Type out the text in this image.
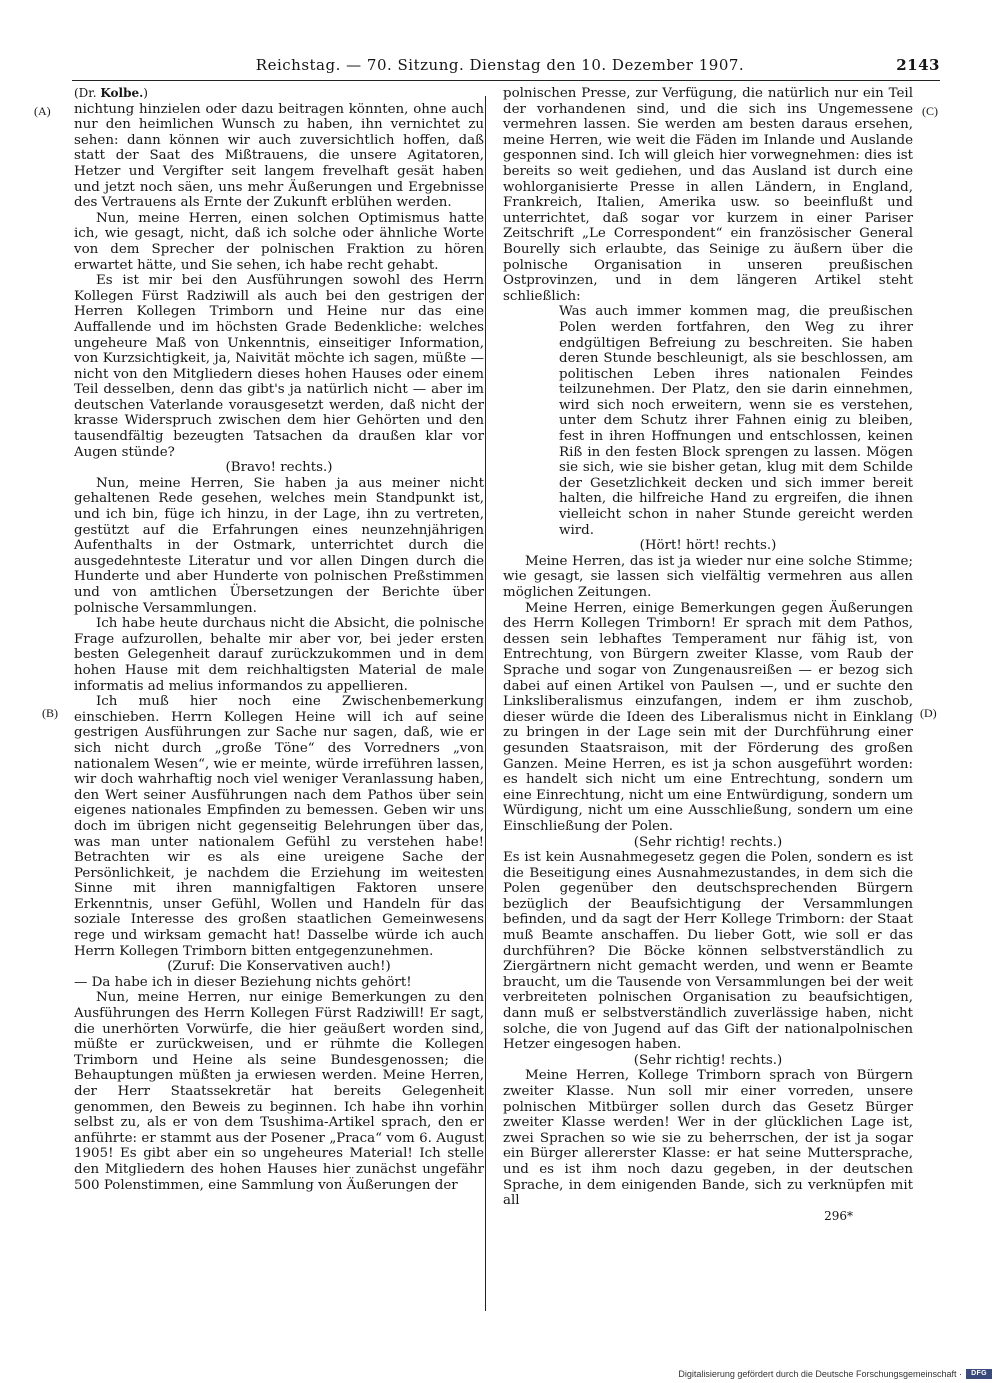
Reichstag. — 70. Sitzung. Dienstag den 10. Dezember 1907.	2143
(A)
(B)
(C)
(D)

(Dr. Kolbe.)

nichtung hinzielen oder dazu beitragen könnten, ohne auch nur den heimlichen Wunsch zu haben, ihn vernichtet zu sehen: dann können wir auch zuversichtlich hoffen, daß statt der Saat des Mißtrauens, die unsere Agitatoren, Hetzer und Vergifter seit langem frevelhaft gesät haben und jetzt noch säen, uns mehr Äußerungen und Ergebnisse des Vertrauens als Ernte der Zukunft erblühen werden.

Nun, meine Herren, einen solchen Optimismus hatte ich, wie gesagt, nicht, daß ich solche oder ähnliche Worte von dem Sprecher der polnischen Fraktion zu hören erwartet hätte, und Sie sehen, ich habe recht gehabt.

Es ist mir bei den Ausführungen sowohl des Herrn Kollegen Fürst Radziwill als auch bei den gestrigen der Herren Kollegen Trimborn und Heine nur das eine Auffallende und im höchsten Grade Bedenkliche: welches ungeheure Maß von Unkenntnis, einseitiger Information, von Kurzsichtigkeit, ja, Naivität möchte ich sagen, müßte — nicht von den Mitgliedern dieses hohen Hauses oder einem Teil desselben, denn das gibt's ja natürlich nicht — aber im deutschen Vaterlande vorausgesetzt werden, daß nicht der krasse Widerspruch zwischen dem hier Gehörten und den tausendfältig bezeugten Tatsachen da draußen klar vor Augen stünde?

(Bravo! rechts.)

Nun, meine Herren, Sie haben ja aus meiner nicht gehaltenen Rede gesehen, welches mein Standpunkt ist, und ich bin, füge ich hinzu, in der Lage, ihn zu vertreten, gestützt auf die Erfahrungen eines neunzehnjährigen Aufenthalts in der Ostmark, unterrichtet durch die ausgedehnteste Literatur und vor allen Dingen durch die Hunderte und aber Hunderte von polnischen Preßstimmen und von amtlichen Übersetzungen der Berichte über polnische Versammlungen.

Ich habe heute durchaus nicht die Absicht, die polnische Frage aufzurollen, behalte mir aber vor, bei jeder ersten besten Gelegenheit darauf zurückzukommen und in dem hohen Hause mit dem reichhaltigsten Material de male informatis ad melius informandos zu appellieren.

Ich muß hier noch eine Zwischenbemerkung einschieben. Herrn Kollegen Heine will ich auf seine gestrigen Ausführungen zur Sache nur sagen, daß, wie er sich nicht durch „große Töne“ des Vorredners „von nationalem Wesen“, wie er meinte, würde irreführen lassen, wir doch wahrhaftig noch viel weniger Veranlassung haben, den Wert seiner Ausführungen nach dem Pathos über sein eigenes nationales Empfinden zu bemessen. Geben wir uns doch im übrigen nicht gegenseitig Belehrungen über das, was man unter nationalem Gefühl zu verstehen habe! Betrachten wir es als eine ureigene Sache der Persönlichkeit, je nachdem die Erziehung im weitesten Sinne mit ihren mannigfaltigen Faktoren unsere Erkenntnis, unser Gefühl, Wollen und Handeln für das soziale Interesse des großen staatlichen Gemeinwesens rege und wirksam gemacht hat! Dasselbe würde ich auch Herrn Kollegen Trimborn bitten entgegenzunehmen.

(Zuruf: Die Konservativen auch!)

— Da habe ich in dieser Beziehung nichts gehört!

Nun, meine Herren, nur einige Bemerkungen zu den Ausführungen des Herrn Kollegen Fürst Radziwill! Er sagt, die unerhörten Vorwürfe, die hier geäußert worden sind, müßte er zurückweisen, und er rühmte die Kollegen Trimborn und Heine als seine Bundesgenossen; die Behauptungen müßten ja erwiesen werden. Meine Herren, der Herr Staatssekretär hat bereits Gelegenheit genommen, den Beweis zu beginnen. Ich habe ihn vorhin selbst zu, als er von dem Tsushima-Artikel sprach, den er anführte: er stammt aus der Posener „Praca“ vom 6. August 1905! Es gibt aber ein so ungeheures Material! Ich stelle den Mitgliedern des hohen Hauses hier zunächst ungefähr 500 Polenstimmen, eine Sammlung von Äußerungen der

polnischen Presse, zur Verfügung, die natürlich nur ein Teil der vorhandenen sind, und die sich ins Ungemessene vermehren lassen. Sie werden am besten daraus ersehen, meine Herren, wie weit die Fäden im Inlande und Auslande gesponnen sind. Ich will gleich hier vorwegnehmen: dies ist bereits so weit gediehen, und das Ausland ist durch eine wohlorganisierte Presse in allen Ländern, in England, Frankreich, Italien, Amerika usw. so beeinflußt und unterrichtet, daß sogar vor kurzem in einer Pariser Zeitschrift „Le Correspondent“ ein französischer General Bourelly sich erlaubte, das Seinige zu äußern über die polnische Organisation in unseren preußischen Ostprovinzen, und in dem längeren Artikel steht schließlich:

Was auch immer kommen mag, die preußischen Polen werden fortfahren, den Weg zu ihrer endgültigen Befreiung zu beschreiten. Sie haben deren Stunde beschleunigt, als sie beschlossen, am politischen Leben ihres nationalen Feindes teilzunehmen. Der Platz, den sie darin einnehmen, wird sich noch erweitern, wenn sie es verstehen, unter dem Schutz ihrer Fahnen einig zu bleiben, fest in ihren Hoffnungen und entschlossen, keinen Riß in den festen Block sprengen zu lassen. Mögen sie sich, wie sie bisher getan, klug mit dem Schilde der Gesetzlichkeit decken und sich immer bereit halten, die hilfreiche Hand zu ergreifen, die ihnen vielleicht schon in naher Stunde gereicht werden wird.

(Hört! hört! rechts.)

Meine Herren, das ist ja wieder nur eine solche Stimme; wie gesagt, sie lassen sich vielfältig vermehren aus allen möglichen Zeitungen.

Meine Herren, einige Bemerkungen gegen Äußerungen des Herrn Kollegen Trimborn! Er sprach mit dem Pathos, dessen sein lebhaftes Temperament nur fähig ist, von Entrechtung, von Bürgern zweiter Klasse, vom Raub der Sprache und sogar von Zungenausreißen — er bezog sich dabei auf einen Artikel von Paulsen —, und er suchte den Linksliberalismus einzufangen, indem er ihm zuschob, dieser würde die Ideen des Liberalismus nicht in Einklang zu bringen in der Lage sein mit der Durchführung einer gesunden Staatsraison, mit der Förderung des großen Ganzen. Meine Herren, es ist ja schon ausgeführt worden: es handelt sich nicht um eine Entrechtung, sondern um eine Einrechtung, nicht um eine Entwürdigung, sondern um Würdigung, nicht um eine Ausschließung, sondern um eine Einschließung der Polen.

(Sehr richtig! rechts.)

Es ist kein Ausnahmegesetz gegen die Polen, sondern es ist die Beseitigung eines Ausnahmezustandes, in dem sich die Polen gegenüber den deutschsprechenden Bürgern bezüglich der Beaufsichtigung der Versammlungen befinden, und da sagt der Herr Kollege Trimborn: der Staat muß Beamte anschaffen. Du lieber Gott, wie soll er das durchführen? Die Böcke können selbstverständlich zu Ziergärtnern nicht gemacht werden, und wenn er Beamte braucht, um die Tausende von Versammlungen bei der weit verbreiteten polnischen Organisation zu beaufsichtigen, dann muß er selbstverständlich zuverlässige haben, nicht solche, die von Jugend auf das Gift der nationalpolnischen Hetzer eingesogen haben.

(Sehr richtig! rechts.)

Meine Herren, Kollege Trimborn sprach von Bürgern zweiter Klasse. Nun soll mir einer vorreden, unsere polnischen Mitbürger sollen durch das Gesetz Bürger zweiter Klasse werden! Wer in der glücklichen Lage ist, zwei Sprachen so wie sie zu beherrschen, der ist ja sogar ein Bürger allererster Klasse: er hat seine Muttersprache, und es ist ihm noch dazu gegeben, in der deutschen Sprache, in dem einigenden Bande, sich zu verknüpfen mit all

296*

Digitalisierung gefördert durch die Deutsche Forschungsgemeinschaft ·	DFG
